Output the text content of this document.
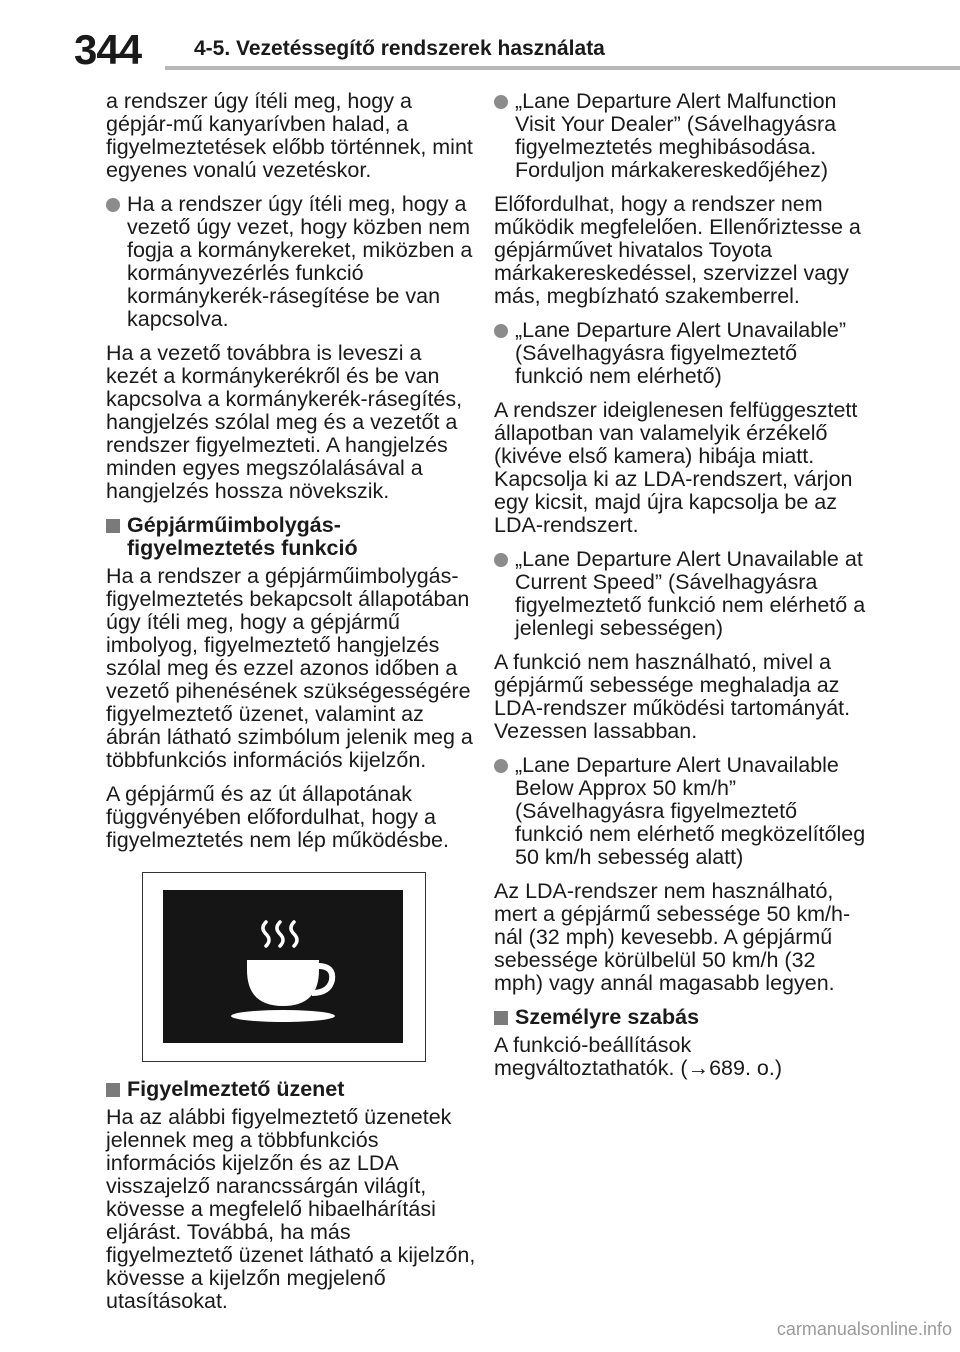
344	4-5. Vezetéssegítő rendszerek használata

a rendszer úgy ítéli meg, hogy a gépjár-mű kanyarívben halad, a figyelmeztetések előbb történnek, mint egyenes vonalú vezetéskor.

Ha a rendszer úgy ítéli meg, hogy a vezető úgy vezet, hogy közben nem fogja a kormánykereket, miközben a kormányvezérlés funkció kormánykerék-rásegítése be van kapcsolva.

Ha a vezető továbbra is leveszi a kezét a kormánykerékről és be van kapcsolva a kormánykerék-rásegítés, hangjelzés szólal meg és a vezetőt a rendszer figyelmezteti. A hangjelzés minden egyes megszólalásával a hangjelzés hossza növekszik.

Gépjárműimbolygás-figyelmeztetés funkció

Ha a rendszer a gépjárműimbolygás-figyelmeztetés bekapcsolt állapotában úgy ítéli meg, hogy a gépjármű imbolyog, figyelmeztető hangjelzés szólal meg és ezzel azonos időben a vezető pihenésének szükségességére figyelmeztető üzenet, valamint az ábrán látható szimbólum jelenik meg a többfunkciós információs kijelzőn.

A gépjármű és az út állapotának függvényében előfordulhat, hogy a figyelmeztetés nem lép működésbe.

Figyelmeztető üzenet

Ha az alábbi figyelmeztető üzenetek jelennek meg a többfunkciós információs kijelzőn és az LDA visszajelző narancssárgán világít, kövesse a megfelelő hibaelhárítási eljárást. Továbbá, ha más figyelmeztető üzenet látható a kijelzőn, kövesse a kijelzőn megjelenő utasításokat.

„Lane Departure Alert Malfunction Visit Your Dealer” (Sávelhagyásra figyelmeztetés meghibásodása. Forduljon márkakereskedőjéhez)

Előfordulhat, hogy a rendszer nem működik megfelelően. Ellenőriztesse a gépjárművet hivatalos Toyota márkakereskedéssel, szervizzel vagy más, megbízható szakemberrel.

„Lane Departure Alert Unavailable” (Sávelhagyásra figyelmeztető funkció nem elérhető)

A rendszer ideiglenesen felfüggesztett állapotban van valamelyik érzékelő (kivéve első kamera) hibája miatt. Kapcsolja ki az LDA-rendszert, várjon egy kicsit, majd újra kapcsolja be az LDA-rendszert.

„Lane Departure Alert Unavailable at Current Speed” (Sávelhagyásra figyelmeztető funkció nem elérhető a jelenlegi sebességen)

A funkció nem használható, mivel a gépjármű sebessége meghaladja az LDA-rendszer működési tartományát. Vezessen lassabban.

„Lane Departure Alert Unavailable Below Approx 50 km/h” (Sávelhagyásra figyelmeztető funkció nem elérhető megközelítőleg 50 km/h sebesség alatt)

Az LDA-rendszer nem használható, mert a gépjármű sebessége 50 km/h-nál (32 mph) kevesebb. A gépjármű sebessége körülbelül 50 km/h (32 mph) vagy annál magasabb legyen.

Személyre szabás

A funkció-beállítások megváltoztathatók. (→689. o.)

carmanualsonline.info
